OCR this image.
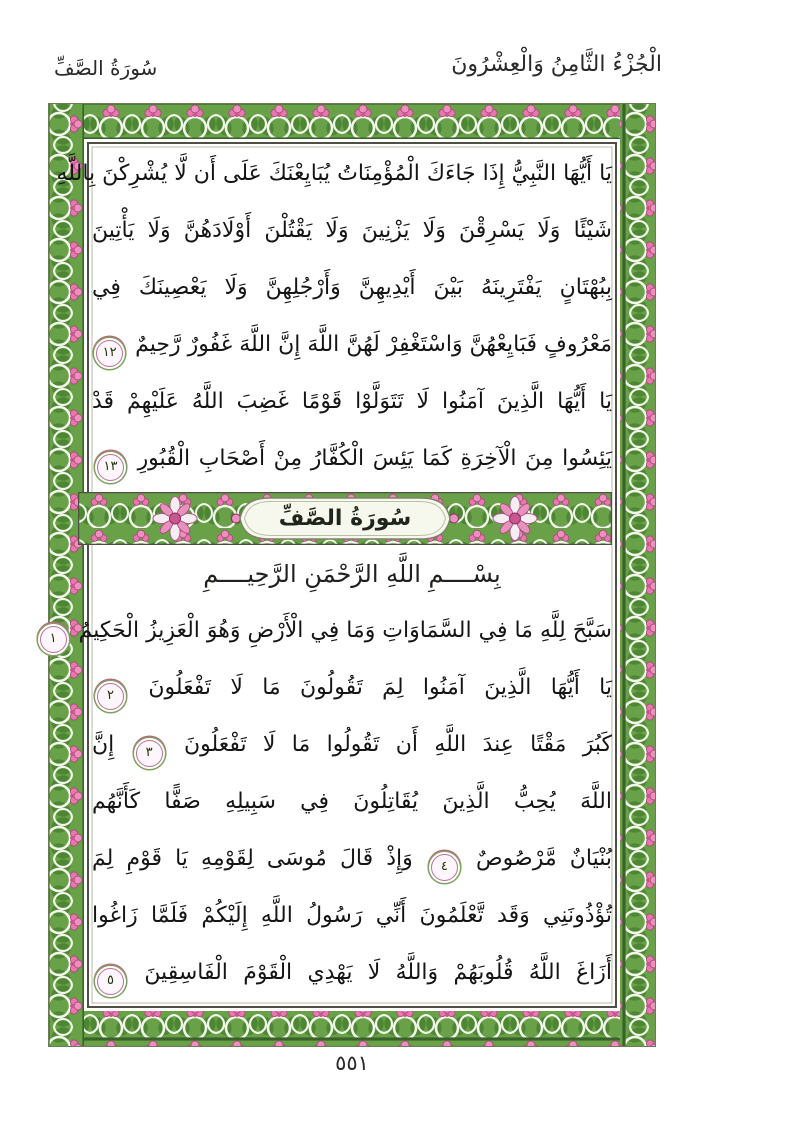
الْجُزْءُ الثَّامِنُ وَالْعِشْرُونَ
سُورَةُ الصَّفِّ
يَا أَيُّهَا النَّبِيُّ إِذَا جَاءَكَ الْمُؤْمِنَاتُ يُبَايِعْنَكَ عَلَى أَن لَّا يُشْرِكْنَ بِاللَّهِ
شَيْئًا وَلَا يَسْرِقْنَ وَلَا يَزْنِينَ وَلَا يَقْتُلْنَ أَوْلَادَهُنَّ وَلَا يَأْتِينَ
بِبُهْتَانٍ يَفْتَرِينَهُ بَيْنَ أَيْدِيهِنَّ وَأَرْجُلِهِنَّ وَلَا يَعْصِينَكَ فِي
مَعْرُوفٍ فَبَايِعْهُنَّ وَاسْتَغْفِرْ لَهُنَّ اللَّهَ إِنَّ اللَّهَ غَفُورٌ رَّحِيمٌ ١٢
يَا أَيُّهَا الَّذِينَ آمَنُوا لَا تَتَوَلَّوْا قَوْمًا غَضِبَ اللَّهُ عَلَيْهِمْ قَدْ
يَئِسُوا مِنَ الْآخِرَةِ كَمَا يَئِسَ الْكُفَّارُ مِنْ أَصْحَابِ الْقُبُورِ ١٣
سَبَّحَ لِلَّهِ مَا فِي السَّمَاوَاتِ وَمَا فِي الْأَرْضِ وَهُوَ الْعَزِيزُ الْحَكِيمُ ١
يَا أَيُّهَا الَّذِينَ آمَنُوا لِمَ تَقُولُونَ مَا لَا تَفْعَلُونَ ٢
كَبُرَ مَقْتًا عِندَ اللَّهِ أَن تَقُولُوا مَا لَا تَفْعَلُونَ ٣ إِنَّ
اللَّهَ يُحِبُّ الَّذِينَ يُقَاتِلُونَ فِي سَبِيلِهِ صَفًّا كَأَنَّهُم
بُنْيَانٌ مَّرْصُوصٌ ٤ وَإِذْ قَالَ مُوسَى لِقَوْمِهِ يَا قَوْمِ لِمَ
تُؤْذُونَنِي وَقَد تَّعْلَمُونَ أَنِّي رَسُولُ اللَّهِ إِلَيْكُمْ فَلَمَّا زَاغُوا
أَزَاغَ اللَّهُ قُلُوبَهُمْ وَاللَّهُ لَا يَهْدِي الْقَوْمَ الْفَاسِقِينَ ٥
سُورَةُ الصَّفِّ
بِسْــــمِ اللَّهِ الرَّحْمَنِ الرَّحِيــــمِ
٥٥١
